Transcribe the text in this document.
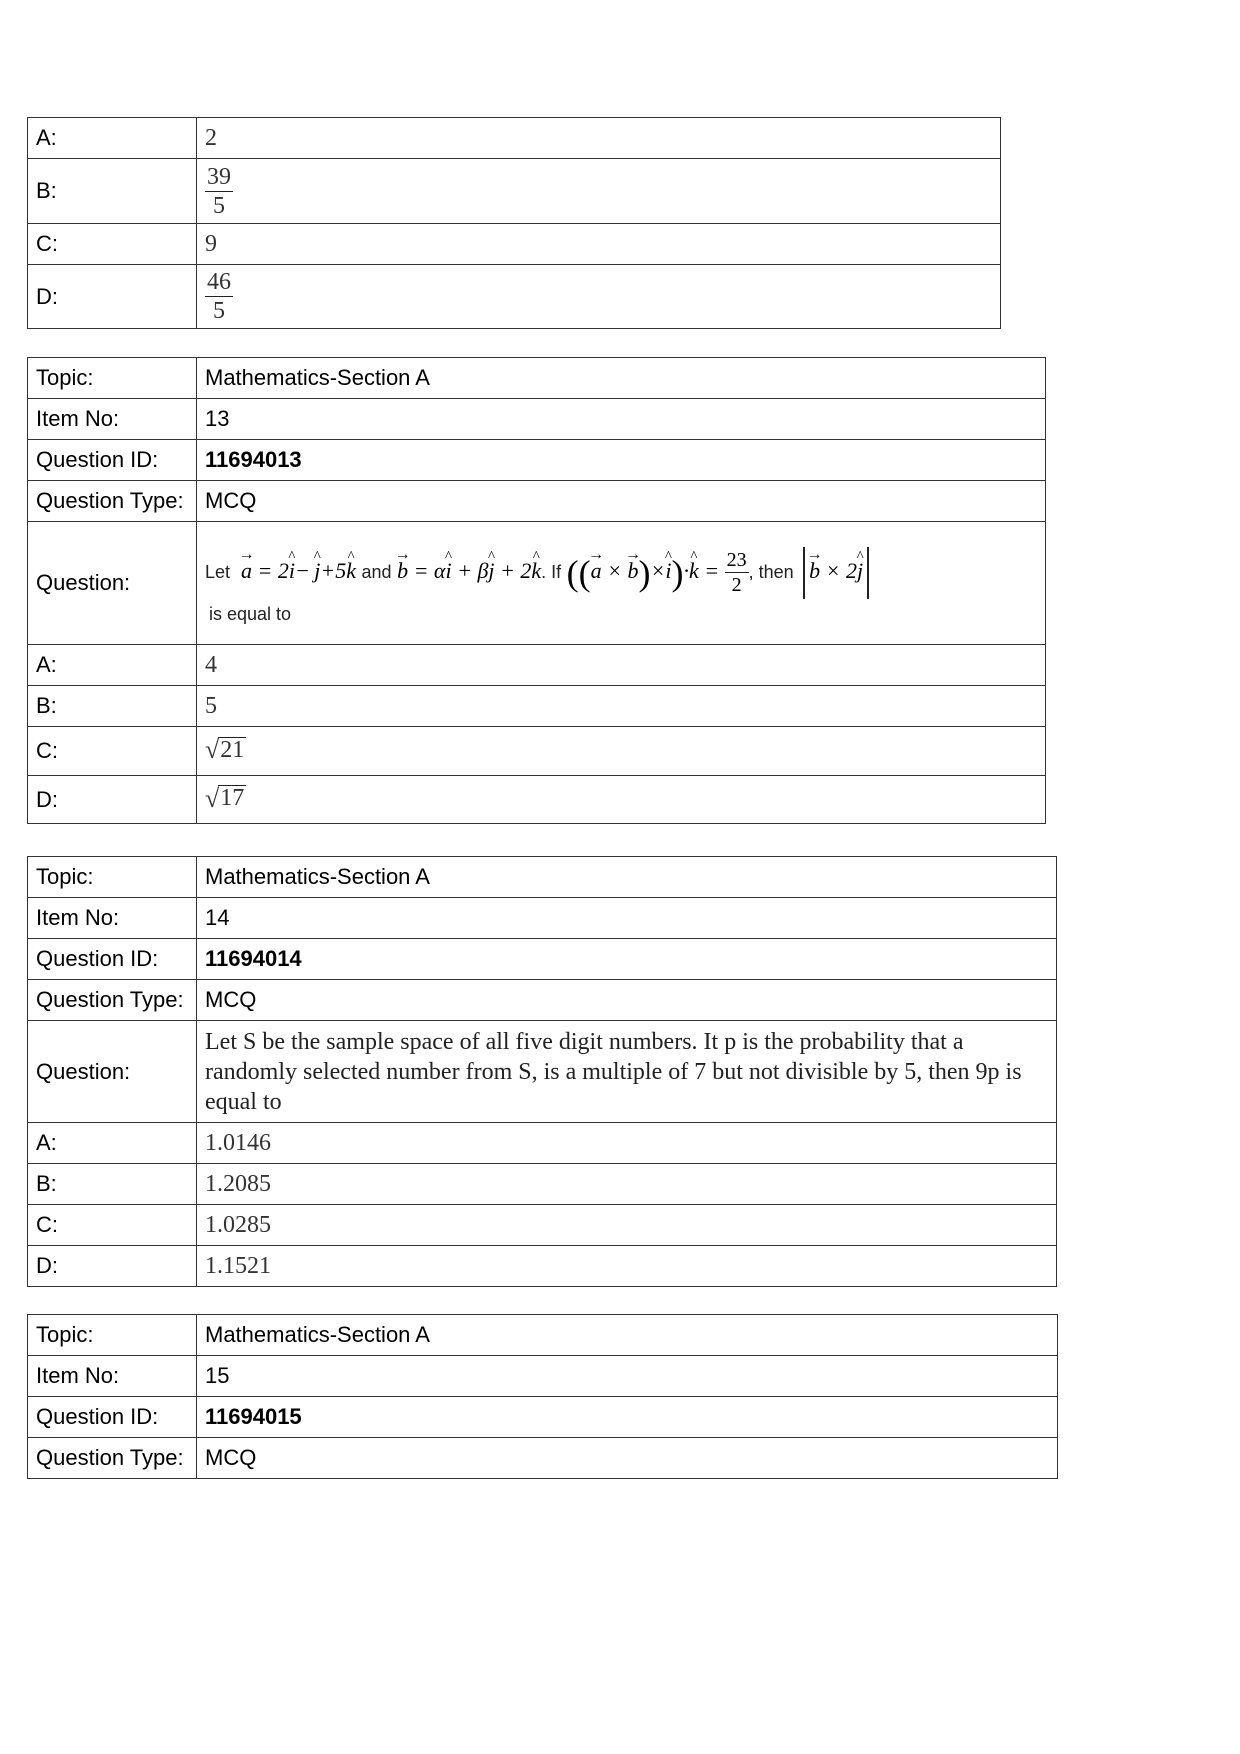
A:	2
B:	$\frac{39}{5}$

C:	9
D:	$\frac{46}{5}$
Topic:	Mathematics-Section A
Item No:	13
Question ID:	11694013
Question Type:	MCQ
Question:	Let → a = 2^ i− ^ j+5^ k and → b = α^ i + β^ j + 2^ k. If ((→ a × → b)×^ i)·^ $k = \frac{23}{2}$ , then → b × 2^ j
is equal to

A:	4
B:	5
C:	√ 21

D:	√ 17
Topic:	Mathematics-Section A
Item No:	14
Question ID:	11694014
Question Type:	MCQ
Question:	Let S be the sample space of all five digit numbers. It p is the probability that a randomly selected number from S, is a multiple of 7 but not divisible by 5, then 9p is equal to
A:	1.0146
B:	1.2085
C:	1.0285
D:	1.1521
Topic:	Mathematics-Section A
Item No:	15
Question ID:	11694015
Question Type:	MCQ
